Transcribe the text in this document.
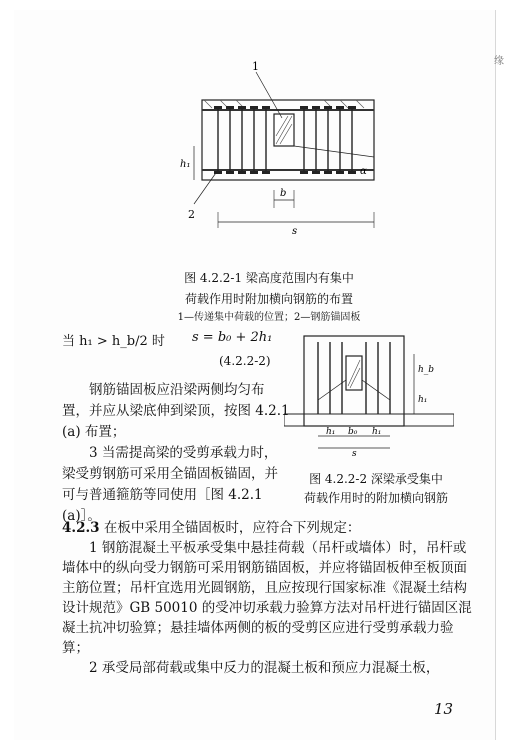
1
2
h₁
α
b
s
图 4.2.2-1 梁高度范围内有集中
荷载作用时附加横向钢筋的布置
1—传递集中荷载的位置；2—钢筋锚固板
当 h₁ > h_b/2 时 s = b₀ + 2h₁
(4.2.2-2)

钢筋锚固板应沿梁两侧均匀布置，并应从梁底伸到梁顶，按图 4.2.1 (a) 布置；

3 当需提高梁的受剪承载力时，梁受剪钢筋可采用全锚固板锚固，并可与普通箍筋等同使用［图 4.2.1 (a)］。

h_b
h₁
h₁ b₀ h₁
s
图 4.2.2-2 深梁承受集中
荷载作用时的附加横向钢筋

4.2.3 在板中采用全锚固板时，应符合下列规定：

1 钢筋混凝土平板承受集中悬挂荷载（吊杆或墙体）时，吊杆或墙体中的纵向受力钢筋可采用钢筋锚固板，并应将锚固板伸至板顶面主筋位置；吊杆宜选用光圆钢筋，且应按现行国家标准《混凝土结构设计规范》GB 50010 的受冲切承载力验算方法对吊杆进行锚固区混凝土抗冲切验算；悬挂墙体两侧的板的受剪区应进行受剪承载力验算；

2 承受局部荷载或集中反力的混凝土板和预应力混凝土板，

13
缘
